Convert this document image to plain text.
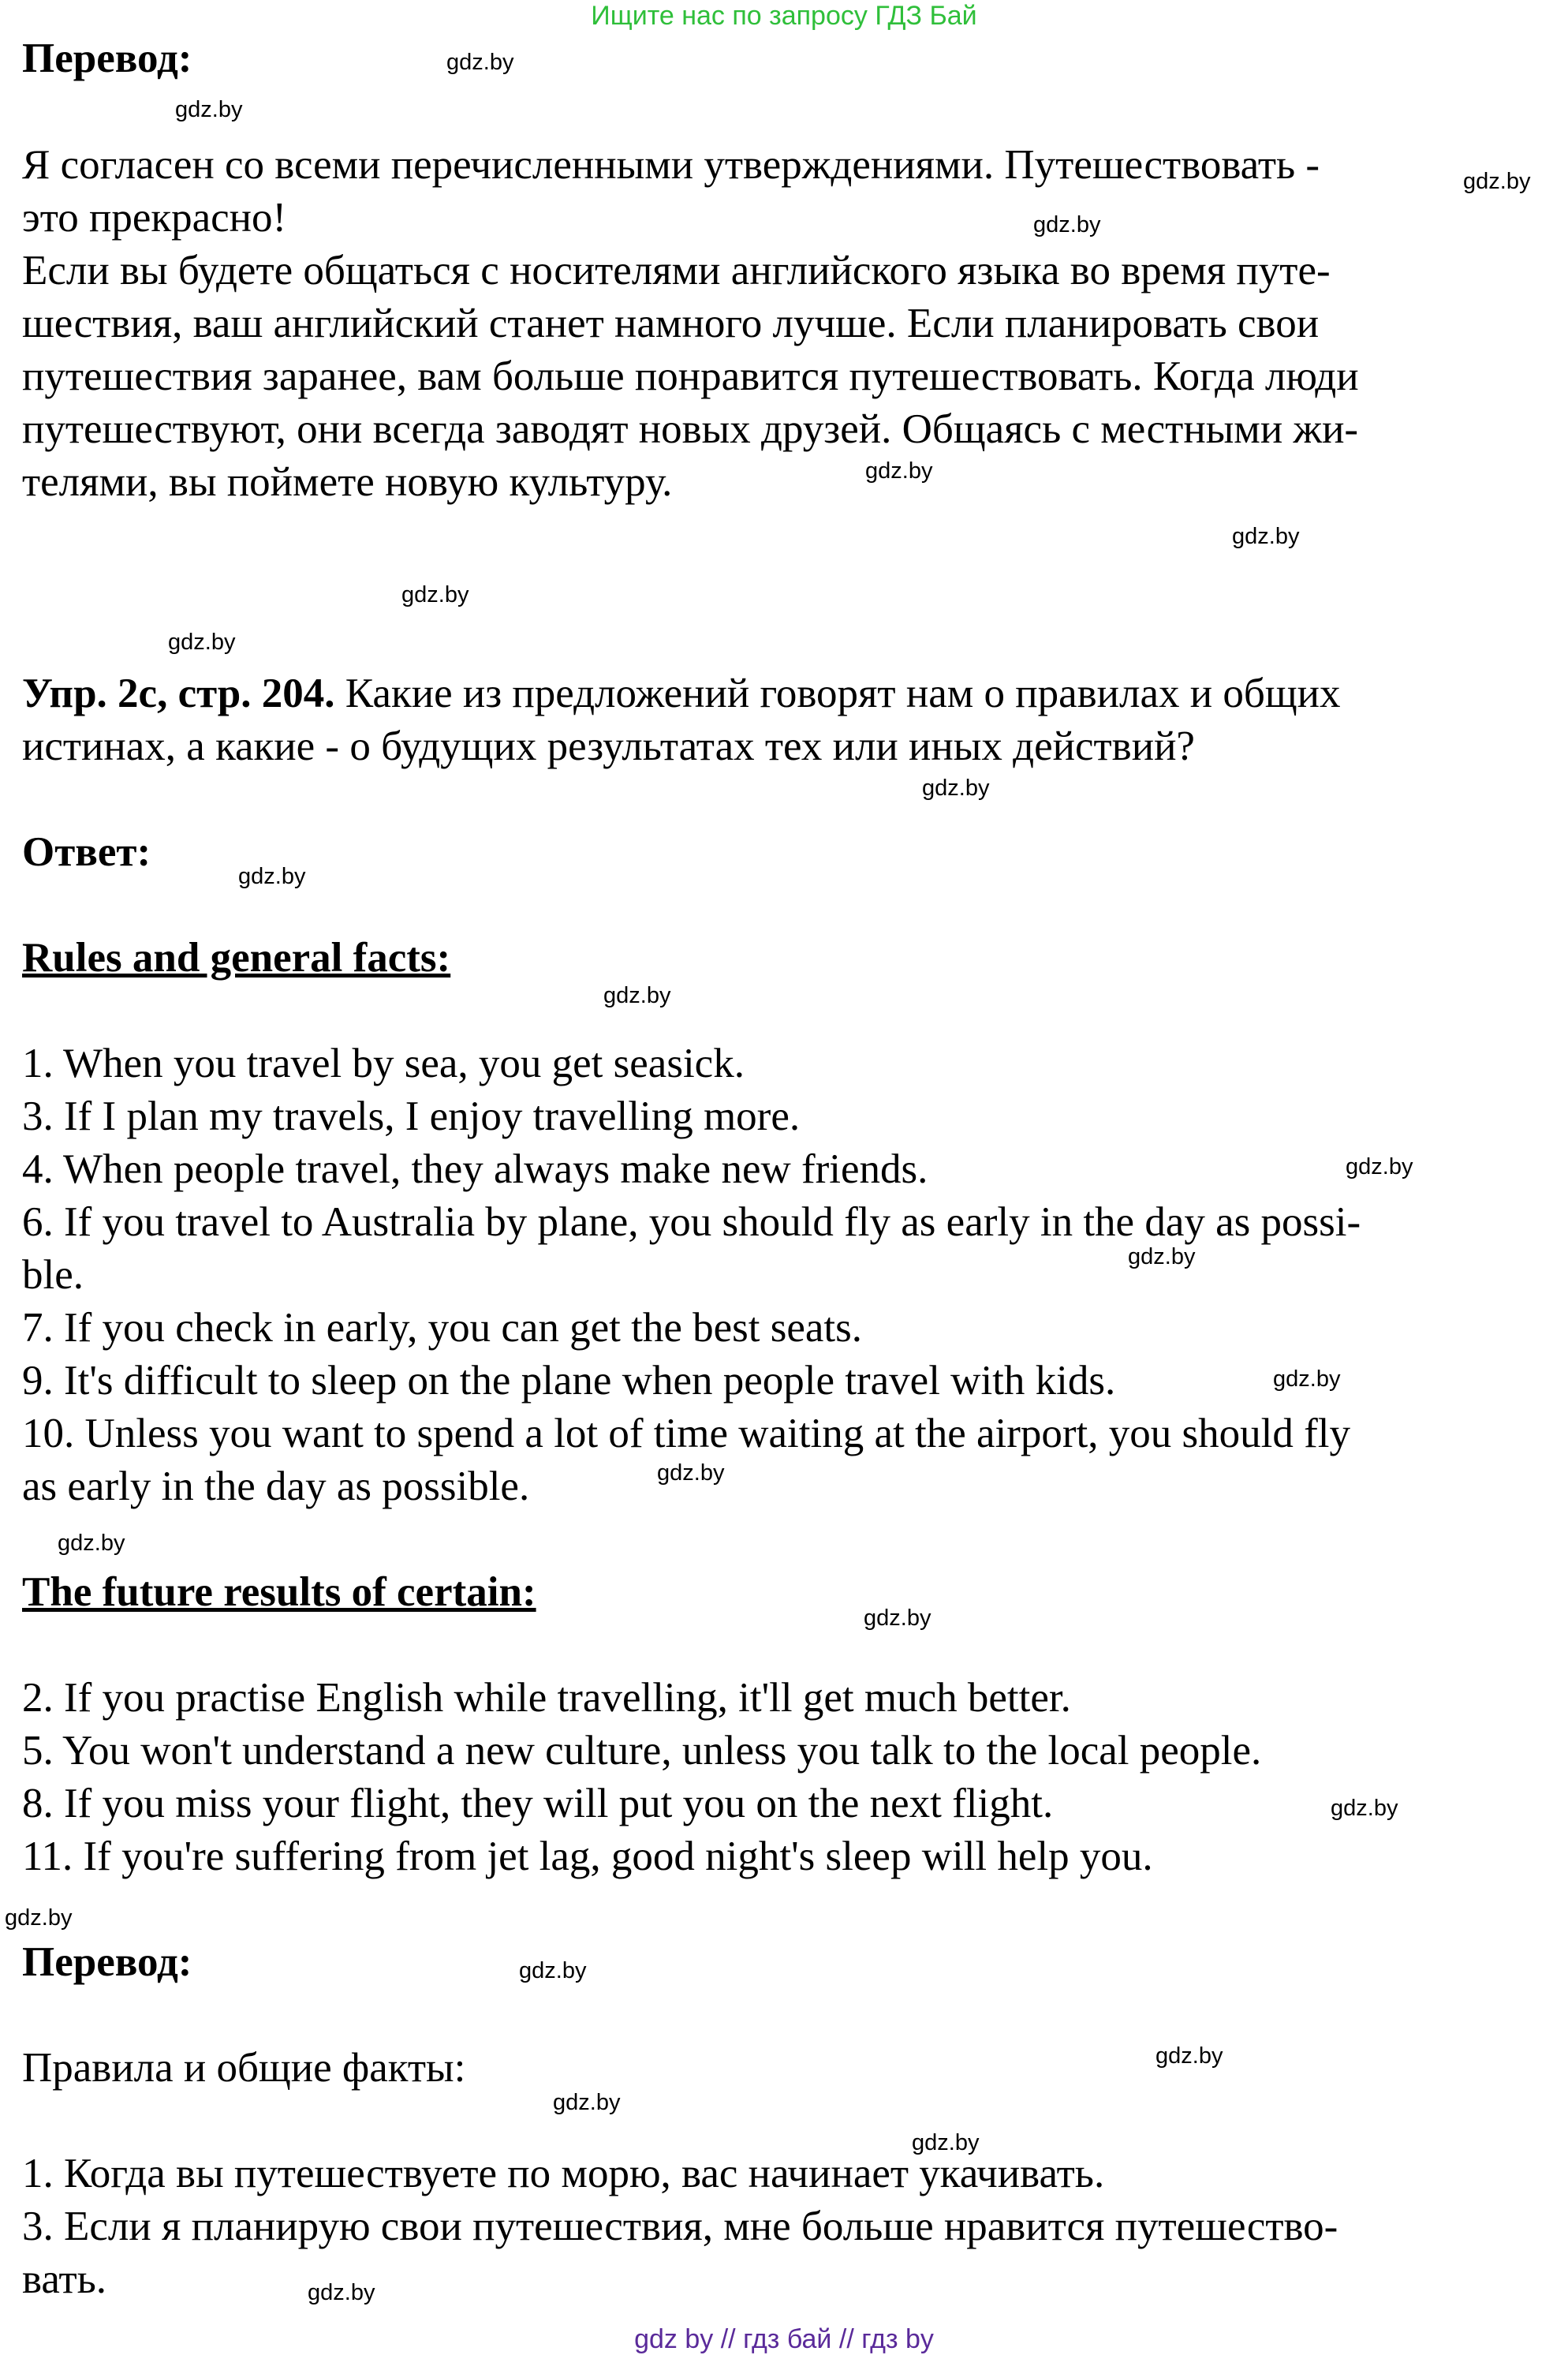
Ищите нас по запросу ГДЗ Бай
Перевод:
Я согласен со всеми перечисленными утверждениями. Путешествовать -
это прекрасно!
Если вы будете общаться с носителями английского языка во время путе-
шествия, ваш английский станет намного лучше. Если планировать свои
путешествия заранее, вам больше понравится путешествовать. Когда люди
путешествуют, они всегда заводят новых друзей. Общаясь с местными жи-
телями, вы поймете новую культуру.
Упр. 2с, стр. 204. Какие из предложений говорят нам о правилах и общих
истинах, а какие - о будущих результатах тех или иных действий?
Ответ:
Rules and general facts:
1. When you travel by sea, you get seasick.
3. If I plan my travels, I enjoy travelling more.
4. When people travel, they always make new friends.
6. If you travel to Australia by plane, you should fly as early in the day as possi-
ble.
7. If you check in early, you can get the best seats.
9. It's difficult to sleep on the plane when people travel with kids.
10. Unless you want to spend a lot of time waiting at the airport, you should fly
as early in the day as possible.
The future results of certain:
2. If you practise English while travelling, it'll get much better.
5. You won't understand a new culture, unless you talk to the local people.
8. If you miss your flight, they will put you on the next flight.
11. If you're suffering from jet lag, good night's sleep will help you.
Перевод:
Правила и общие факты:
1. Когда вы путешествуете по морю, вас начинает укачивать.
3. Если я планирую свои путешествия, мне больше нравится путешество-
вать.
gdz.by
gdz.by
gdz.by
gdz.by
gdz.by
gdz.by
gdz.by
gdz.by
gdz.by
gdz.by
gdz.by
gdz.by
gdz.by
gdz.by
gdz.by
gdz.by
gdz.by
gdz.by
gdz.by
gdz.by
gdz.by
gdz.by
gdz.by
gdz.by
gdz by // гдз бай // гдз by
